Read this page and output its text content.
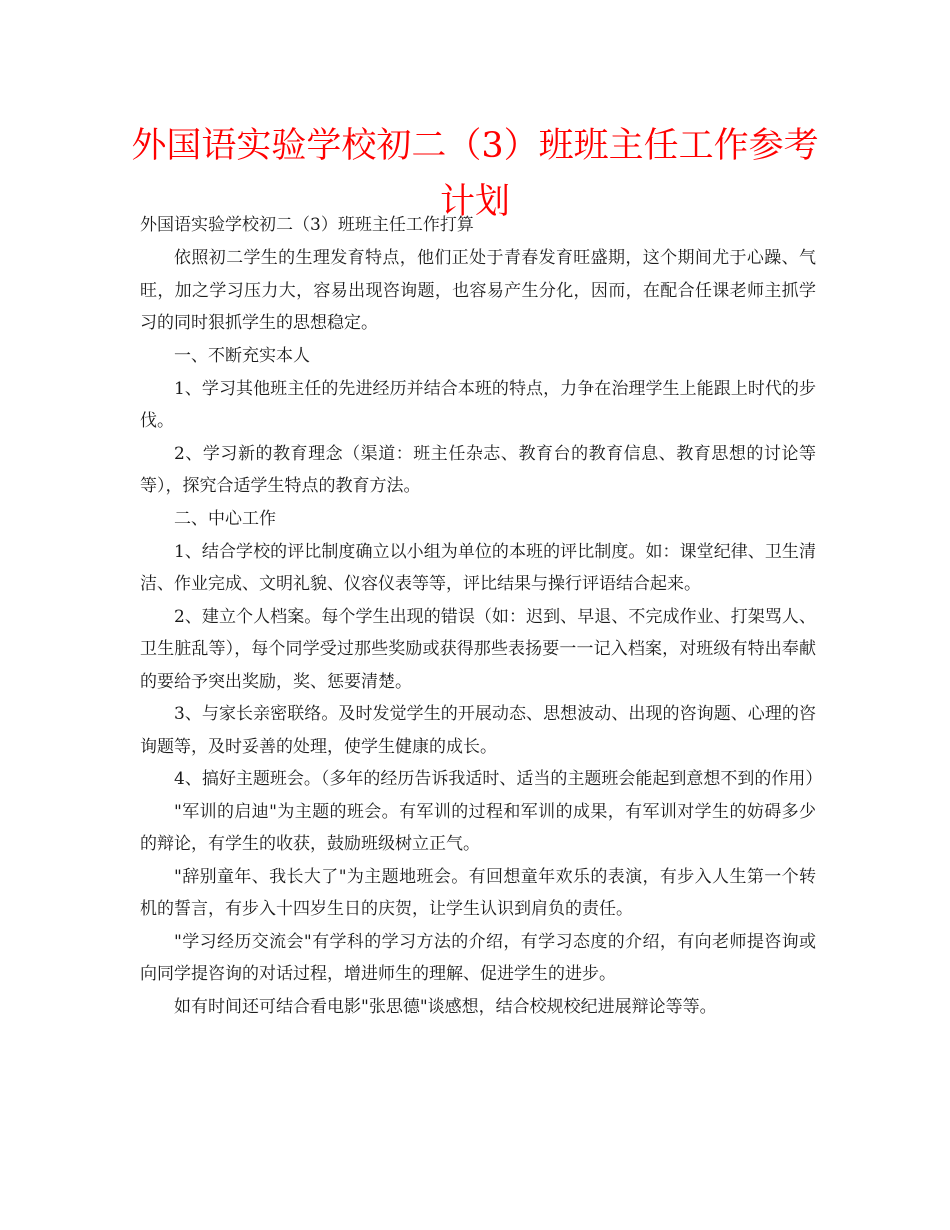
外国语实验学校初二（3）班班主任工作参考计划

外国语实验学校初二（3）班班主任工作打算

依照初二学生的生理发育特点，他们正处于青春发育旺盛期，这个期间尤于心躁、气旺，加之学习压力大，容易出现咨询题，也容易产生分化，因而，在配合任课老师主抓学习的同时狠抓学生的思想稳定。

一、不断充实本人

1、学习其他班主任的先进经历并结合本班的特点，力争在治理学生上能跟上时代的步伐。

2、学习新的教育理念（渠道：班主任杂志、教育台的教育信息、教育思想的讨论等等），探究合适学生特点的教育方法。

二、中心工作

1、结合学校的评比制度确立以小组为单位的本班的评比制度。如：课堂纪律、卫生清洁、作业完成、文明礼貌、仪容仪表等等，评比结果与操行评语结合起来。

2、建立个人档案。每个学生出现的错误（如：迟到、早退、不完成作业、打架骂人、卫生脏乱等），每个同学受过那些奖励或获得那些表扬要一一记入档案，对班级有特出奉献的要给予突出奖励，奖、惩要清楚。

3、与家长亲密联络。及时发觉学生的开展动态、思想波动、出现的咨询题、心理的咨询题等，及时妥善的处理，使学生健康的成长。

4、搞好主题班会。（多年的经历告诉我适时、适当的主题班会能起到意想不到的作用）

"军训的启迪"为主题的班会。有军训的过程和军训的成果，有军训对学生的妨碍多少的辩论，有学生的收获，鼓励班级树立正气。

"辞别童年、我长大了"为主题地班会。有回想童年欢乐的表演，有步入人生第一个转机的誓言，有步入十四岁生日的庆贺，让学生认识到肩负的责任。

"学习经历交流会"有学科的学习方法的介绍，有学习态度的介绍，有向老师提咨询或向同学提咨询的对话过程，增进师生的理解、促进学生的进步。

如有时间还可结合看电影"张思德"谈感想，结合校规校纪进展辩论等等。
